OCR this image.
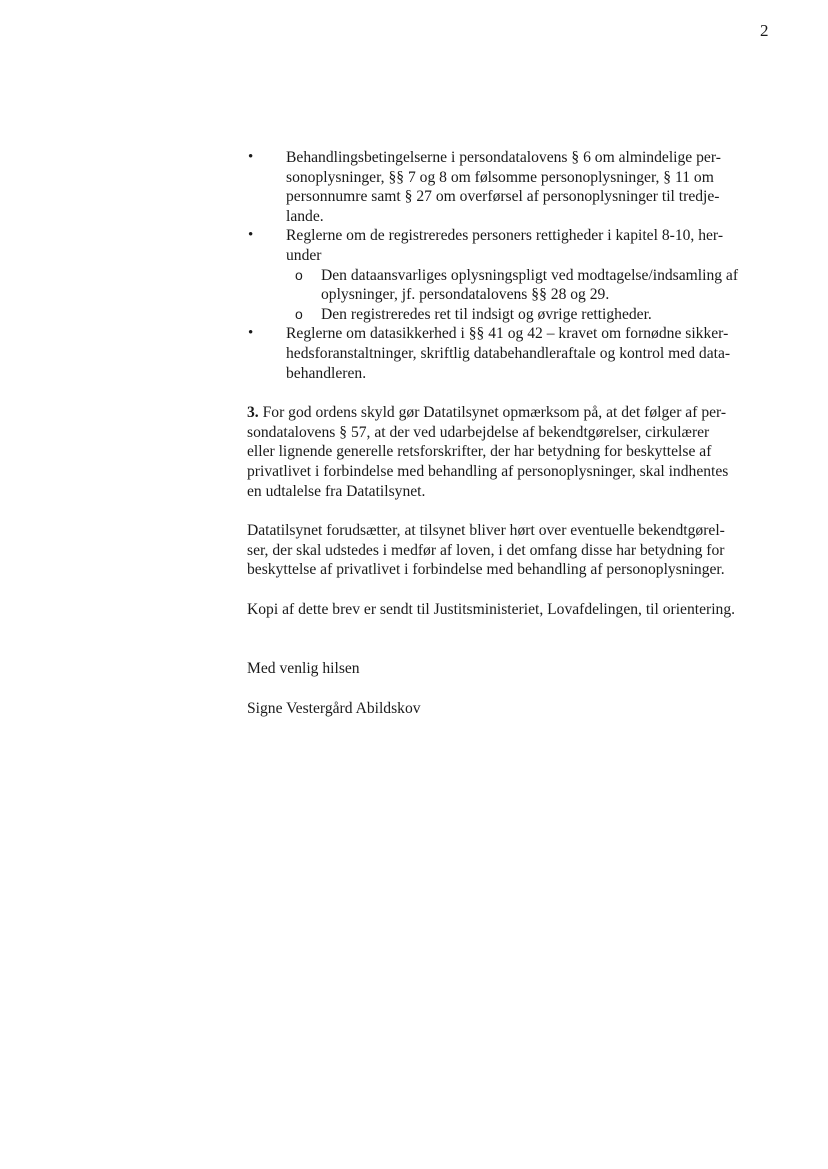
2
• Behandlingsbetingelserne i persondatalovens § 6 om almindelige per-
sonoplysninger, §§ 7 og 8 om følsomme personoplysninger, § 11 om
personnumre samt § 27 om overførsel af personoplysninger til tredje-
lande.
• Reglerne om de registreredes personers rettigheder i kapitel 8-10, her-
under
o Den dataansvarliges oplysningspligt ved modtagelse/indsamling af
oplysninger, jf. persondatalovens §§ 28 og 29.
o Den registreredes ret til indsigt og øvrige rettigheder.
• Reglerne om datasikkerhed i §§ 41 og 42 – kravet om fornødne sikker-
hedsforanstaltninger, skriftlig databehandleraftale og kontrol med data-
behandleren.
3. For god ordens skyld gør Datatilsynet opmærksom på, at det følger af per-
sondatalovens § 57, at der ved udarbejdelse af bekendtgørelser, cirkulærer
eller lignende generelle retsforskrifter, der har betydning for beskyttelse af
privatlivet i forbindelse med behandling af personoplysninger, skal indhentes
en udtalelse fra Datatilsynet.
Datatilsynet forudsætter, at tilsynet bliver hørt over eventuelle bekendtgørel-
ser, der skal udstedes i medfør af loven, i det omfang disse har betydning for
beskyttelse af privatlivet i forbindelse med behandling af personoplysninger.
Kopi af dette brev er sendt til Justitsministeriet, Lovafdelingen, til orientering.
Med venlig hilsen
Signe Vestergård Abildskov
